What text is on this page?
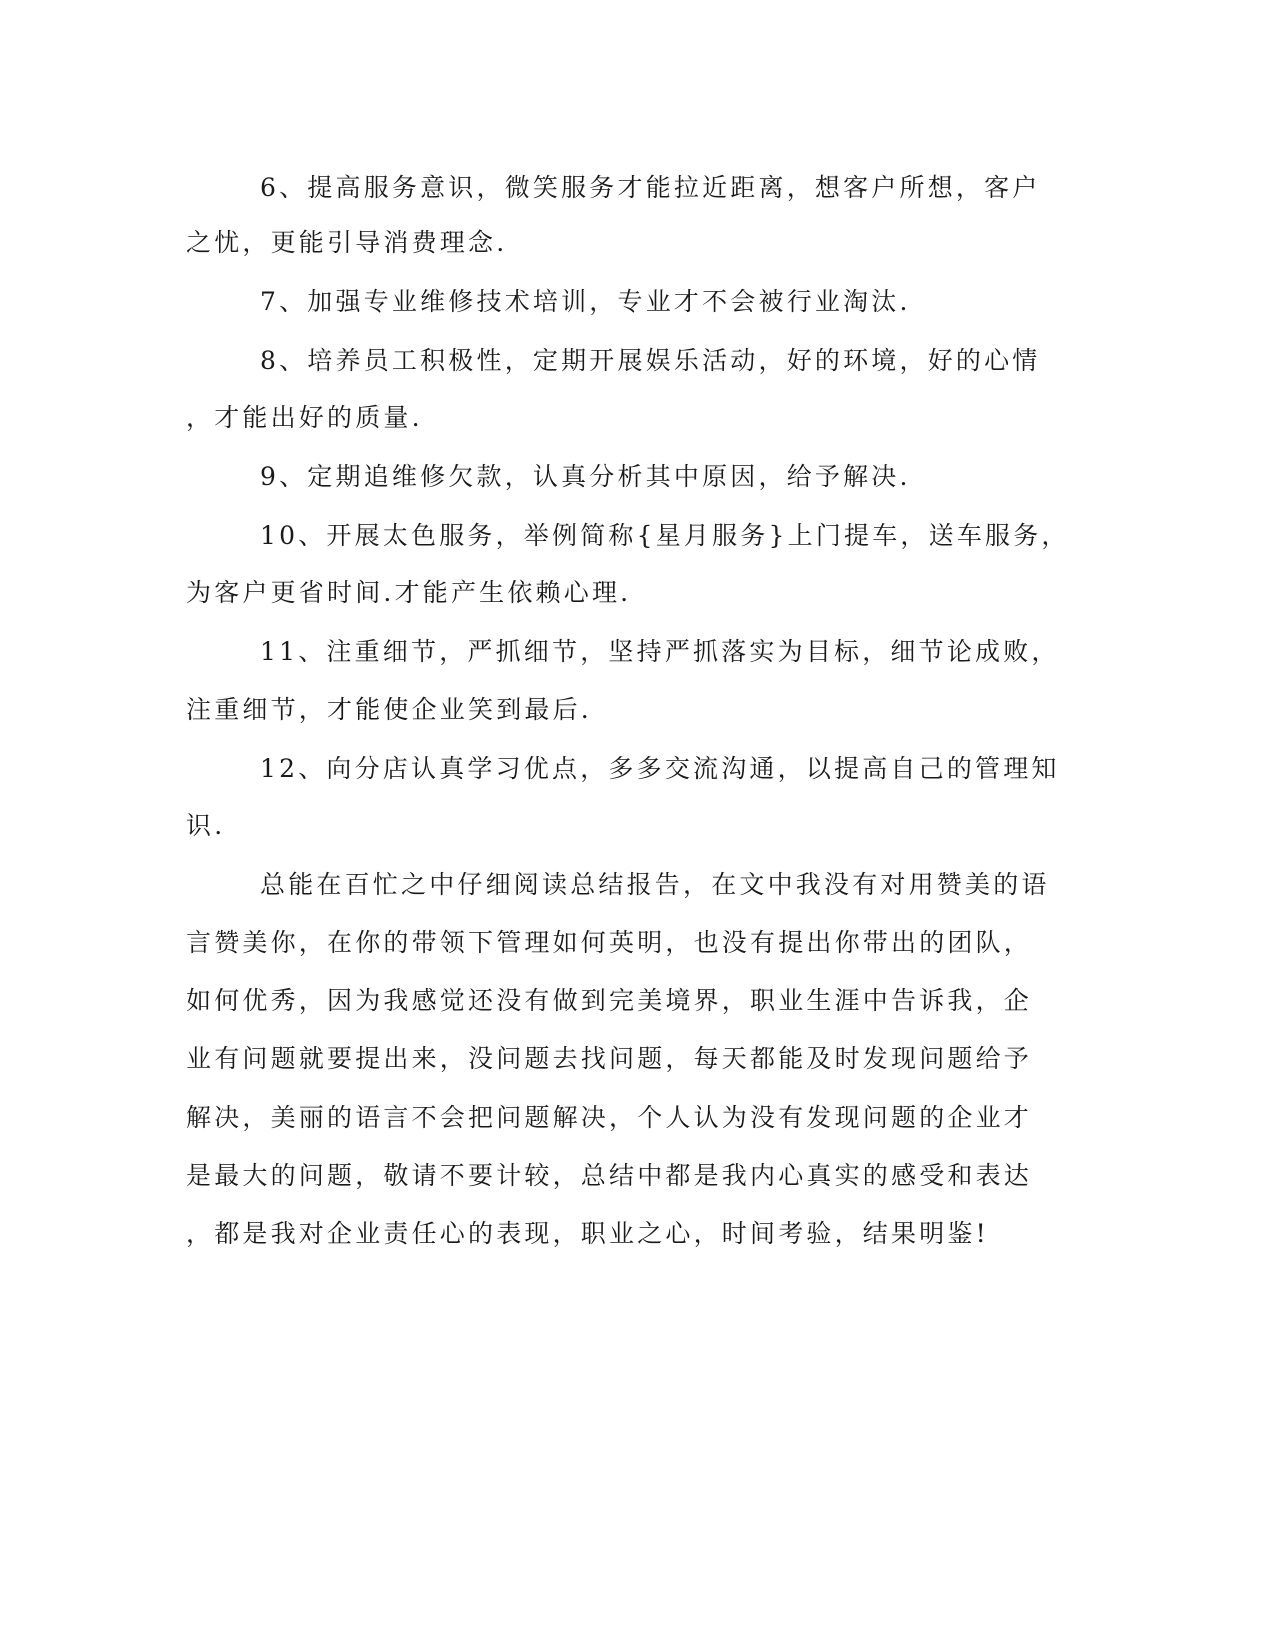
6、提高服务意识，微笑服务才能拉近距离，想客户所想，客户
之忧，更能引导消费理念.
7、加强专业维修技术培训，专业才不会被行业淘汰.
8、培养员工积极性，定期开展娱乐活动，好的环境，好的心情
，才能出好的质量.
9、定期追维修欠款，认真分析其中原因，给予解决.
10、开展太色服务，举例简称{星月服务}上门提车，送车服务，
为客户更省时间.才能产生依赖心理.
11、注重细节，严抓细节，坚持严抓落实为目标，细节论成败，
注重细节，才能使企业笑到最后.
12、向分店认真学习优点，多多交流沟通，以提高自己的管理知
识.
总能在百忙之中仔细阅读总结报告，在文中我没有对用赞美的语
言赞美你，在你的带领下管理如何英明，也没有提出你带出的团队，
如何优秀，因为我感觉还没有做到完美境界，职业生涯中告诉我，企
业有问题就要提出来，没问题去找问题，每天都能及时发现问题给予
解决，美丽的语言不会把问题解决，个人认为没有发现问题的企业才
是最大的问题，敬请不要计较，总结中都是我内心真实的感受和表达
，都是我对企业责任心的表现，职业之心，时间考验，结果明鉴!
